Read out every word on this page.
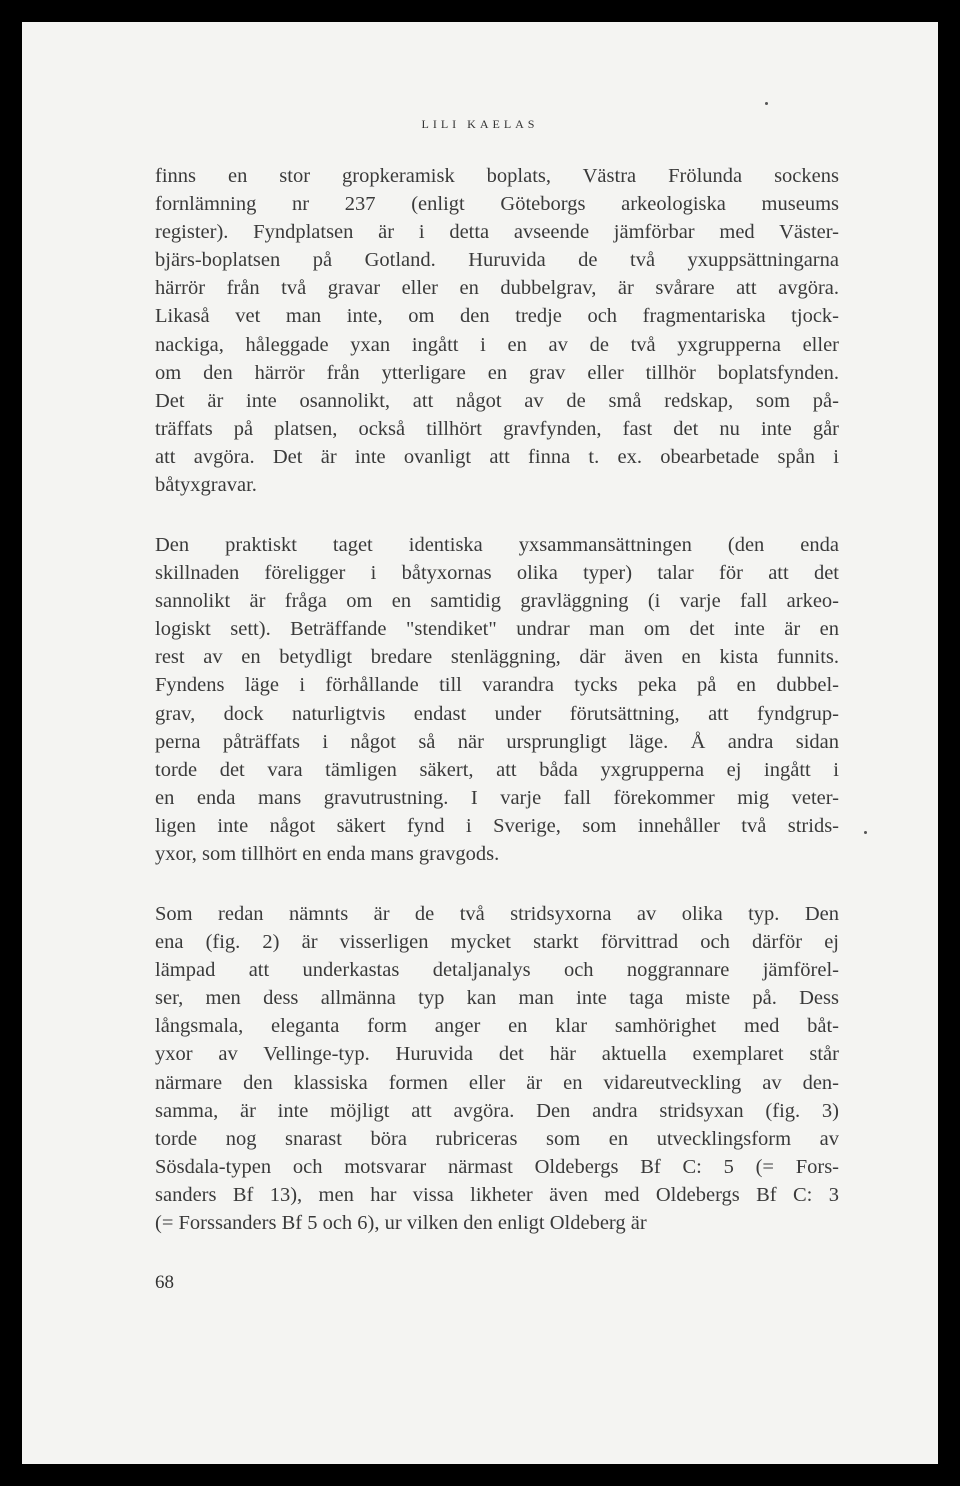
LILI KAELAS

finns en stor gropkeramisk boplats, Västra Frölunda sockens
fornlämning nr 237 (enligt Göteborgs arkeologiska museums
register). Fyndplatsen är i detta avseende jämförbar med Väster-
bjärs-boplatsen på Gotland. Huruvida de två yxuppsättningarna
härrör från två gravar eller en dubbelgrav, är svårare att avgöra.
Likaså vet man inte, om den tredje och fragmentariska tjock-
nackiga, håleggade yxan ingått i en av de två yxgrupperna eller
om den härrör från ytterligare en grav eller tillhör boplatsfynden.
Det är inte osannolikt, att något av de små redskap, som på-
träffats på platsen, också tillhört gravfynden, fast det nu inte går
att avgöra. Det är inte ovanligt att finna t. ex. obearbetade spån i
båtyxgravar.

Den praktiskt taget identiska yxsammansättningen (den enda
skillnaden föreligger i båtyxornas olika typer) talar för att det
sannolikt är fråga om en samtidig gravläggning (i varje fall arkeo-
logiskt sett). Beträffande "stendiket" undrar man om det inte är en
rest av en betydligt bredare stenläggning, där även en kista funnits.
Fyndens läge i förhållande till varandra tycks peka på en dubbel-
grav, dock naturligtvis endast under förutsättning, att fyndgrup-
perna påträffats i något så när ursprungligt läge. Å andra sidan
torde det vara tämligen säkert, att båda yxgrupperna ej ingått i
en enda mans gravutrustning. I varje fall förekommer mig veter-
ligen inte något säkert fynd i Sverige, som innehåller två strids-
yxor, som tillhört en enda mans gravgods.

Som redan nämnts är de två stridsyxorna av olika typ. Den
ena (fig. 2) är visserligen mycket starkt förvittrad och därför ej
lämpad att underkastas detaljanalys och noggrannare jämförel-
ser, men dess allmänna typ kan man inte taga miste på. Dess
långsmala, eleganta form anger en klar samhörighet med båt-
yxor av Vellinge-typ. Huruvida det här aktuella exemplaret står
närmare den klassiska formen eller är en vidareutveckling av den-
samma, är inte möjligt att avgöra. Den andra stridsyxan (fig. 3)
torde nog snarast böra rubriceras som en utvecklingsform av
Sösdala-typen och motsvarar närmast Oldebergs Bf C: 5 (= Fors-
sanders Bf 13), men har vissa likheter även med Oldebergs Bf C: 3
(= Forssanders Bf 5 och 6), ur vilken den enligt Oldeberg är

68
